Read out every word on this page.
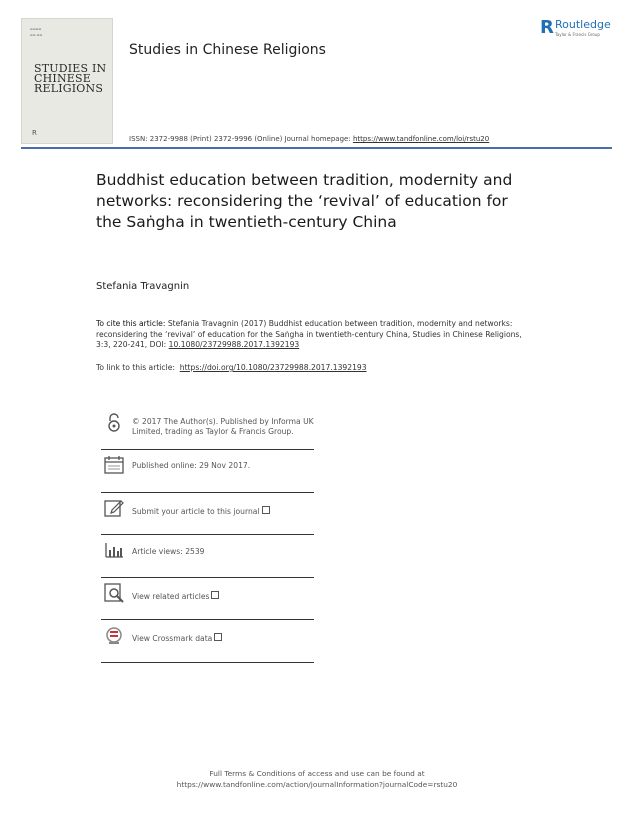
▬▬▬▬
▬▬ ▬▬
STUDIES IN CHINESE RELIGIONS
R
Studies in Chinese Religions
R Routledge
Taylor & Francis Group
ISSN: 2372-9988 (Print) 2372-9996 (Online) Journal homepage: https://www.tandfonline.com/loi/rstu20
Buddhist education between tradition, modernity and networks: reconsidering the ‘revival’ of education for the Saṅgha in twentieth-century China
Stefania Travagnin
To cite this article: Stefania Travagnin (2017) Buddhist education between tradition, modernity and networks: reconsidering the ‘revival’ of education for the Saṅgha in twentieth-century China, Studies in Chinese Religions, 3:3, 220-241, DOI: 10.1080/23729988.2017.1392193
To link to this article: https://doi.org/10.1080/23729988.2017.1392193
© 2017 The Author(s). Published by Informa UK Limited, trading as Taylor & Francis Group.
Published online: 29 Nov 2017.
Submit your article to this journal
Article views: 2539
View related articles
View Crossmark data
Full Terms & Conditions of access and use can be found at
https://www.tandfonline.com/action/journalInformation?journalCode=rstu20
